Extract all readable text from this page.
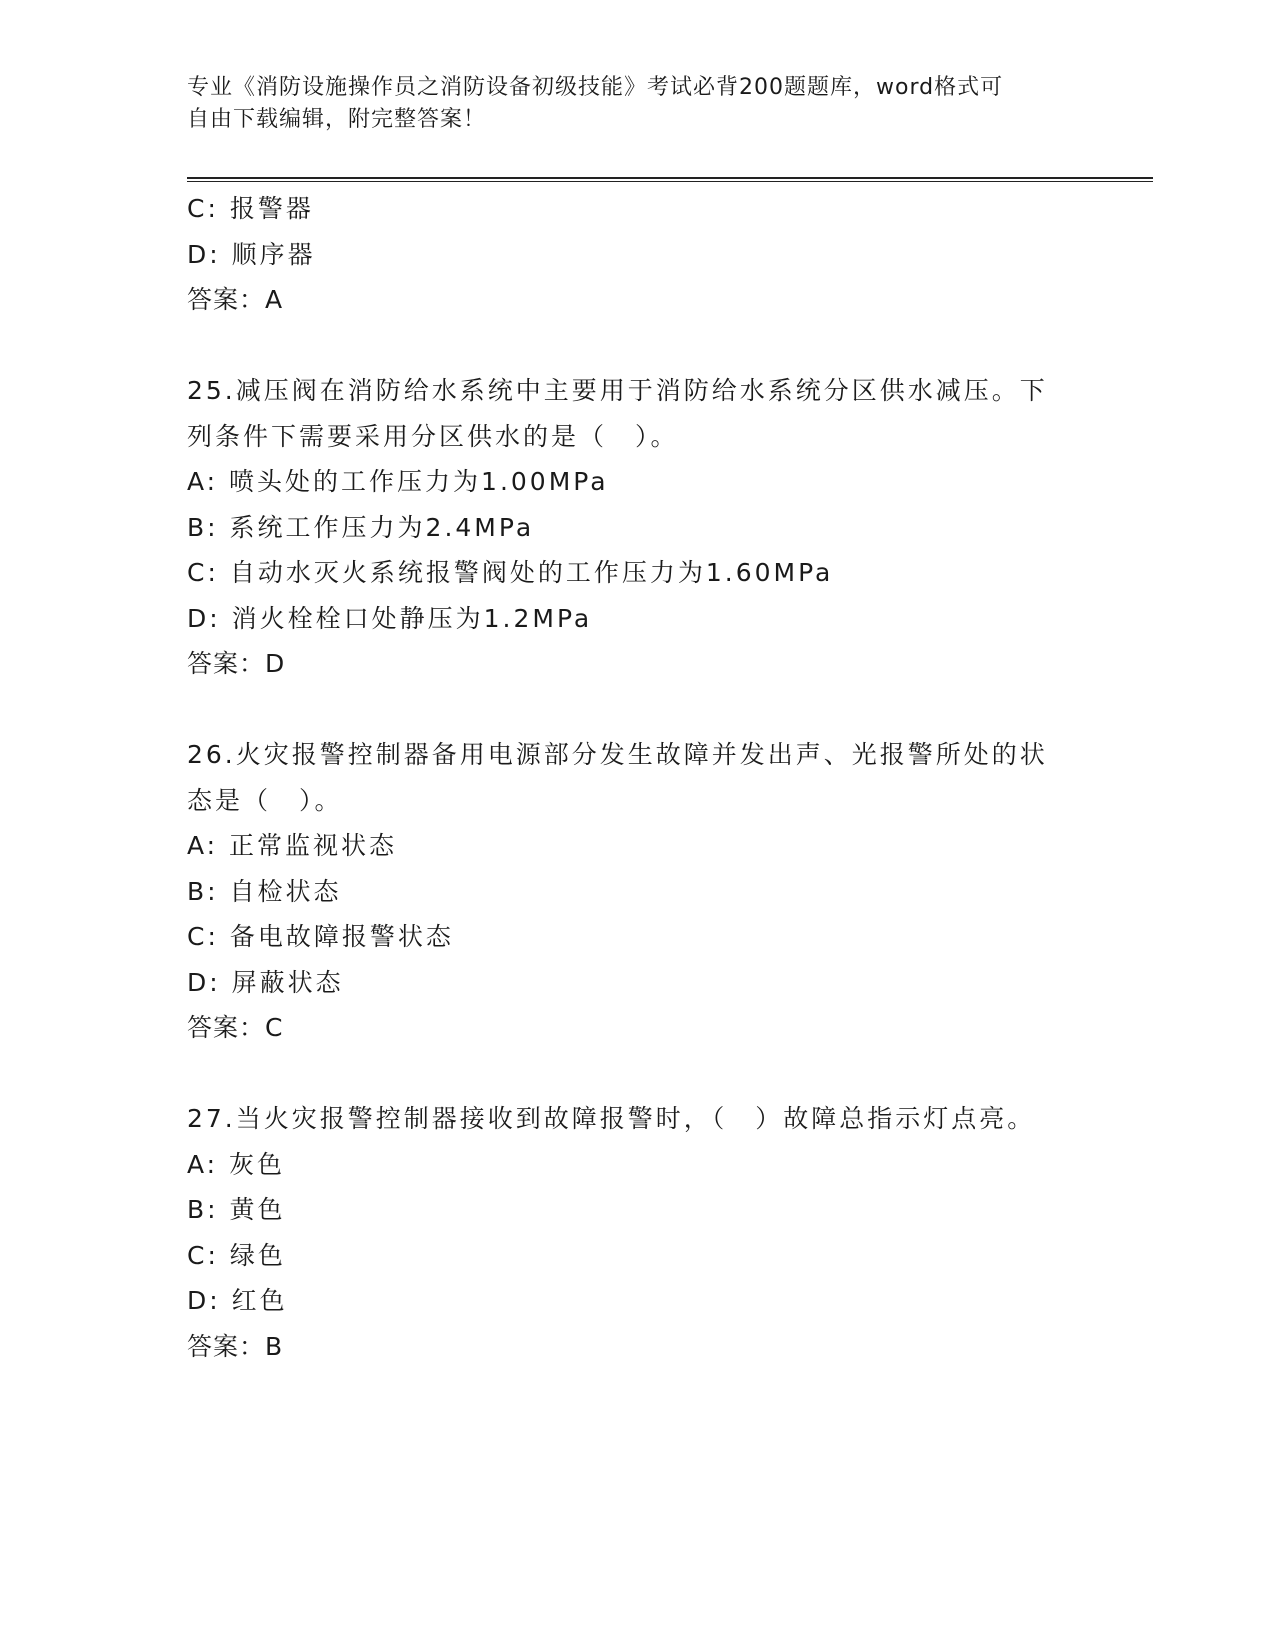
专业《消防设施操作员之消防设备初级技能》考试必背200题题库，word格式可
自由下载编辑，附完整答案！
C: 报警器
D: 顺序器
答案：A
25.减压阀在消防给水系统中主要用于消防给水系统分区供水减压。下
列条件下需要采用分区供水的是（　）。
A: 喷头处的工作压力为1.00MPa
B: 系统工作压力为2.4MPa
C: 自动水灭火系统报警阀处的工作压力为1.60MPa
D: 消火栓栓口处静压为1.2MPa
答案：D
26.火灾报警控制器备用电源部分发生故障并发出声、光报警所处的状
态是（　）。
A: 正常监视状态
B: 自检状态
C: 备电故障报警状态
D: 屏蔽状态
答案：C
27.当火灾报警控制器接收到故障报警时，（　）故障总指示灯点亮。
A: 灰色
B: 黄色
C: 绿色
D: 红色
答案：B
